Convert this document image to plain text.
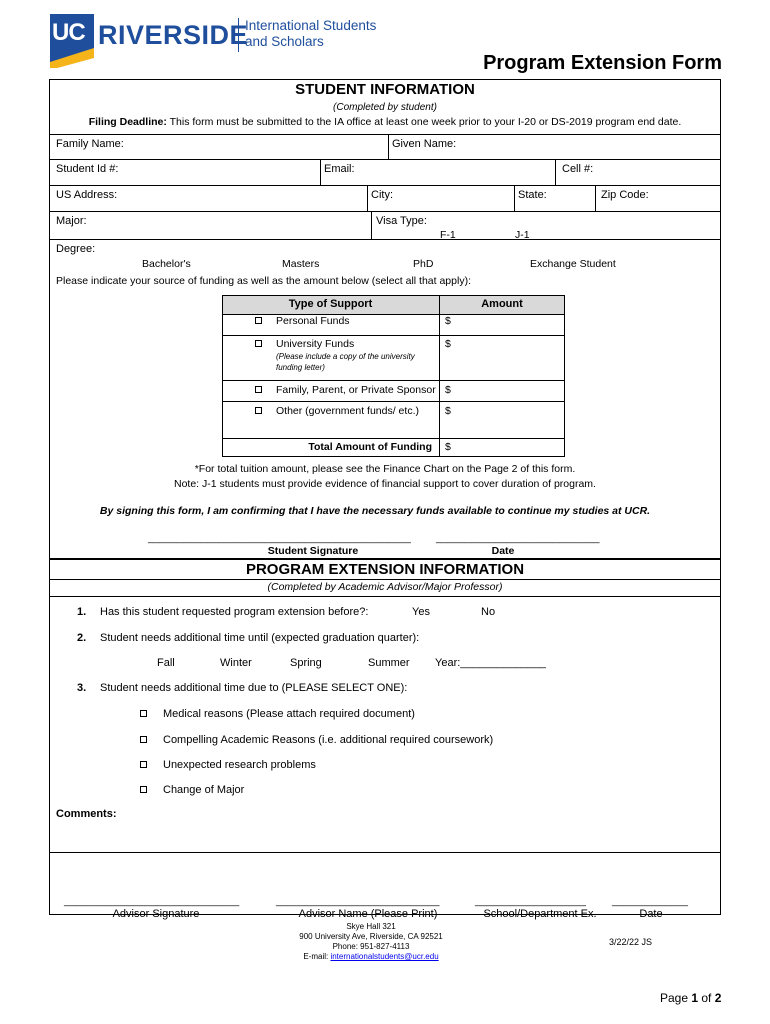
UC RIVERSIDE
International Students
and Scholars
Program Extension Form
STUDENT INFORMATION
(Completed by student)
Filing Deadline: This form must be submitted to the IA office at least one week prior to your I-20 or DS-2019 program end date.
Family Name:	Given Name:
Student Id #:	Email:	Cell #:
US Address:	City:	State:	Zip Code:
Major:	Visa Type:
F-1	J-1
Degree:
Bachelor's	Masters	PhD	Exchange Student
Please indicate your source of funding as well as the amount below (select all that apply):
Type of Support	Amount
Personal Funds	$
University Funds
(Please include a copy of the university funding letter)
$
Family, Parent, or Private Sponsor $
Other (government funds/ etc.) $
Total Amount of Funding $
*For total tuition amount, please see the Finance Chart on the Page 2 of this form.
Note: J-1 students must provide evidence of financial support to cover duration of program.
By signing this form, I am confirming that I have the necessary funds available to continue my studies at UCR.
_____________________________________________ ____________________________
Student Signature	Date
PROGRAM EXTENSION INFORMATION
(Completed by Academic Advisor/Major Professor)
1. Has this student requested program extension before?:	Yes	No
2. Student needs additional time until (expected graduation quarter):
Fall	Winter	Spring	Summer Year:______________
3. Student needs additional time due to (PLEASE SELECT ONE):
Medical reasons (Please attach required document)
Compelling Academic Reasons (i.e. additional required coursework)
Unexpected research problems
Change of Major
Comments:
______________________________	____________________________	___________________ _____________
Advisor Signature	Advisor Name (Please Print)	School/Department Ex.	Date
Skye Hall 321
900 University Ave, Riverside, CA 92521
Phone: 951-827-4113
E-mail: internationalstudents@ucr.edu
3/22/22 JS
Page 1 of 2
